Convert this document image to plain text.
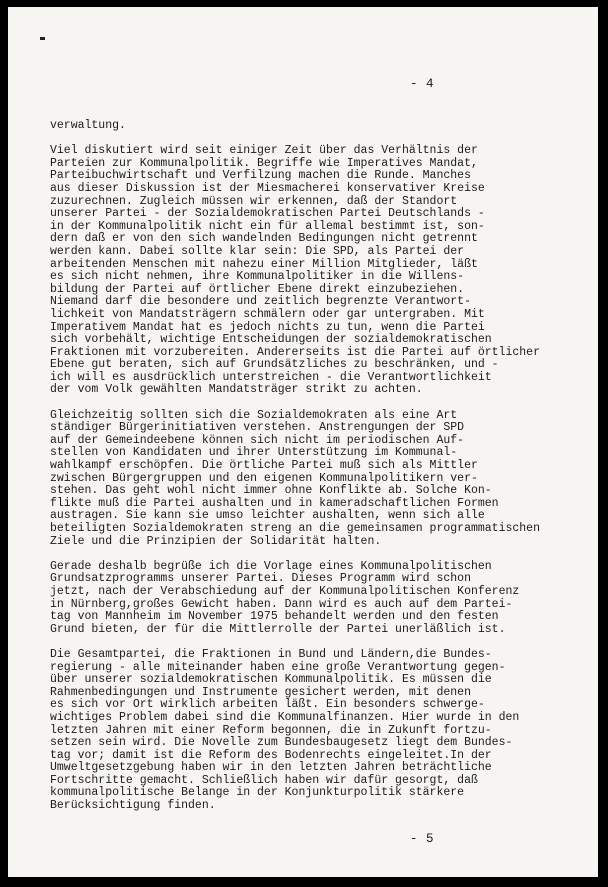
- 4
verwaltung.
Viel diskutiert wird seit einiger Zeit über das Verhältnis der
Parteien zur Kommunalpolitik. Begriffe wie Imperatives Mandat,
Parteibuchwirtschaft und Verfilzung machen die Runde. Manches
aus dieser Diskussion ist der Miesmacherei konservativer Kreise
zuzurechnen. Zugleich müssen wir erkennen, daß der Standort
unserer Partei - der Sozialdemokratischen Partei Deutschlands -
in der Kommunalpolitik nicht ein für allemal bestimmt ist, son-
dern daß er von den sich wandelnden Bedingungen nicht getrennt
werden kann. Dabei sollte klar sein: Die SPD, als Partei der
arbeitenden Menschen mit nahezu einer Million Mitglieder, läßt
es sich nicht nehmen, ihre Kommunalpolitiker in die Willens-
bildung der Partei auf örtlicher Ebene direkt einzubeziehen.
Niemand darf die besondere und zeitlich begrenzte Verantwort-
lichkeit von Mandatsträgern schmälern oder gar untergraben. Mit
Imperativem Mandat hat es jedoch nichts zu tun, wenn die Partei
sich vorbehält, wichtige Entscheidungen der sozialdemokratischen
Fraktionen mit vorzubereiten. Andererseits ist die Partei auf örtlicher
Ebene gut beraten, sich auf Grundsätzliches zu beschränken, und -
ich will es ausdrücklich unterstreichen - die Verantwortlichkeit
der vom Volk gewählten Mandatsträger strikt zu achten.
Gleichzeitig sollten sich die Sozialdemokraten als eine Art
ständiger Bürgerinitiativen verstehen. Anstrengungen der SPD
auf der Gemeindeebene können sich nicht im periodischen Auf-
stellen von Kandidaten und ihrer Unterstützung im Kommunal-
wahlkampf erschöpfen. Die örtliche Partei muß sich als Mittler
zwischen Bürgergruppen und den eigenen Kommunalpolitikern ver-
stehen. Das geht wohl nicht immer ohne Konflikte ab. Solche Kon-
flikte muß die Partei aushalten und in kameradschaftlichen Formen
austragen. Sie kann sie umso leichter aushalten, wenn sich alle
beteiligten Sozialdemokraten streng an die gemeinsamen programmatischen
Ziele und die Prinzipien der Solidarität halten.
Gerade deshalb begrüße ich die Vorlage eines Kommunalpolitischen
Grundsatzprogramms unserer Partei. Dieses Programm wird schon
jetzt, nach der Verabschiedung auf der Kommunalpolitischen Konferenz
in Nürnberg,großes Gewicht haben. Dann wird es auch auf dem Partei-
tag von Mannheim im November 1975 behandelt werden und den festen
Grund bieten, der für die Mittlerrolle der Partei unerläßlich ist.
Die Gesamtpartei, die Fraktionen in Bund und Ländern,die Bundes-
regierung - alle miteinander haben eine große Verantwortung gegen-
über unserer sozialdemokratischen Kommunalpolitik. Es müssen die
Rahmenbedingungen und Instrumente gesichert werden, mit denen
es sich vor Ort wirklich arbeiten läßt. Ein besonders schwerge-
wichtiges Problem dabei sind die Kommunalfinanzen. Hier wurde in den
letzten Jahren mit einer Reform begonnen, die in Zukunft fortzu-
setzen sein wird. Die Novelle zum Bundesbaugesetz liegt dem Bundes-
tag vor; damit ist die Reform des Bodenrechts eingeleitet.In der
Umweltgesetzgebung haben wir in den letzten Jahren beträchtliche
Fortschritte gemacht. Schließlich haben wir dafür gesorgt, daß
kommunalpolitische Belange in der Konjunkturpolitik stärkere
Berücksichtigung finden.
- 5
